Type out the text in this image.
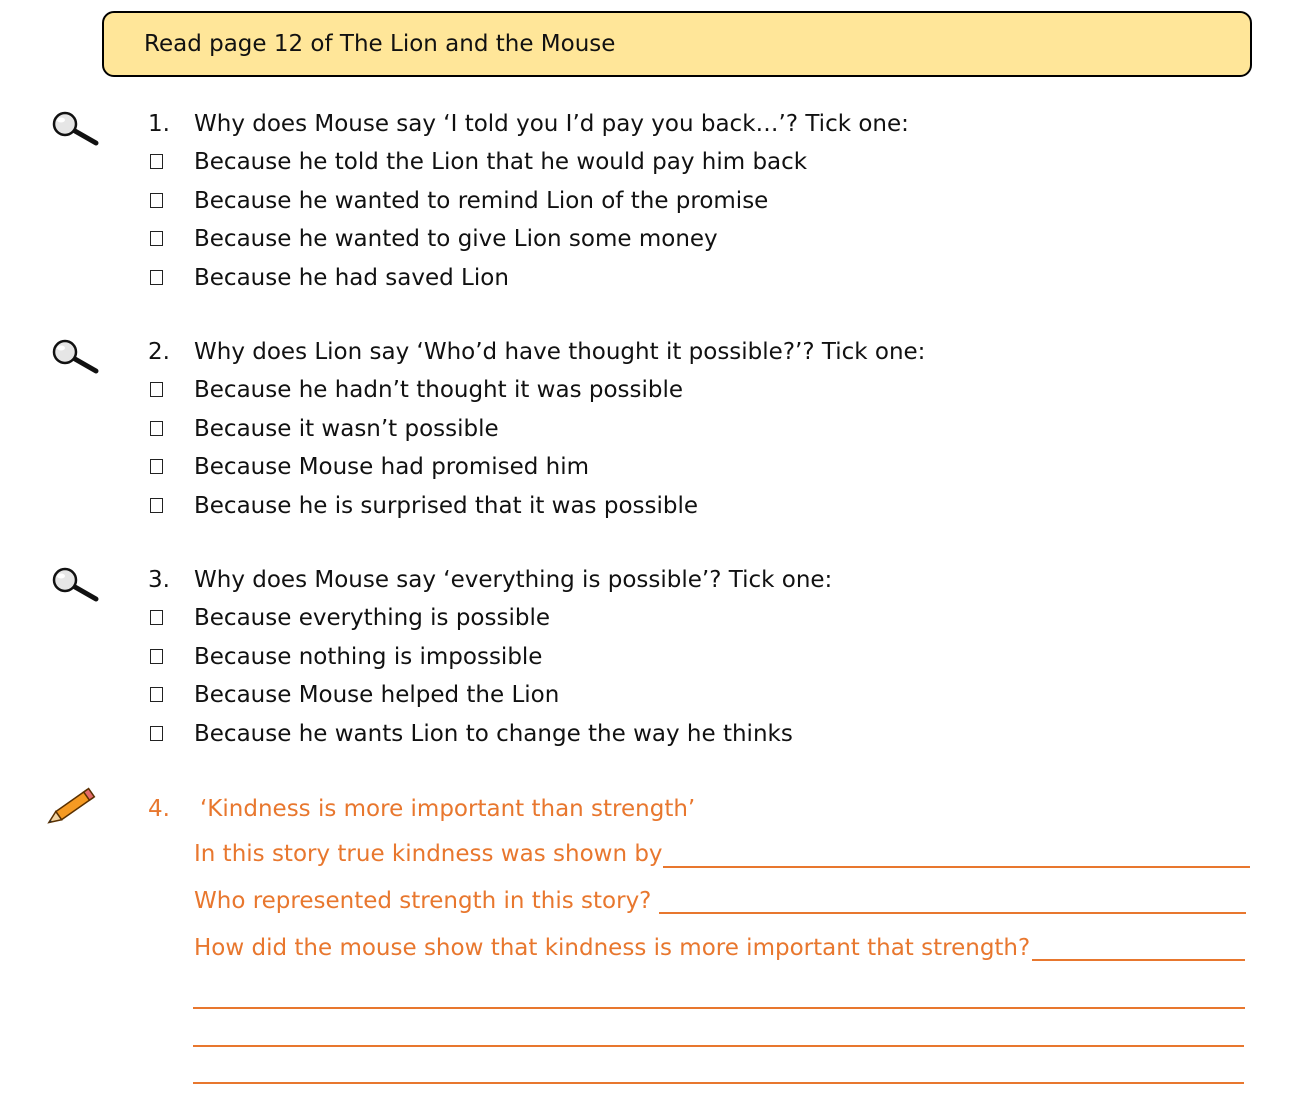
Read page 12 of The Lion and the Mouse
1. Why does Mouse say ‘I told you I’d pay you back…’? Tick one:
Because he told the Lion that he would pay him back
Because he wanted to remind Lion of the promise
Because he wanted to give Lion some money
Because he had saved Lion
2. Why does Lion say ‘Who’d have thought it possible?’? Tick one:
Because he hadn’t thought it was possible
Because it wasn’t possible
Because Mouse had promised him
Because he is surprised that it was possible
3. Why does Mouse say ‘everything is possible’? Tick one:
Because everything is possible
Because nothing is impossible
Because Mouse helped the Lion
Because he wants Lion to change the way he thinks
4. ‘Kindness is more important than strength’
In this story true kindness was shown by
Who represented strength in this story?
How did the mouse show that kindness is more important that strength?
